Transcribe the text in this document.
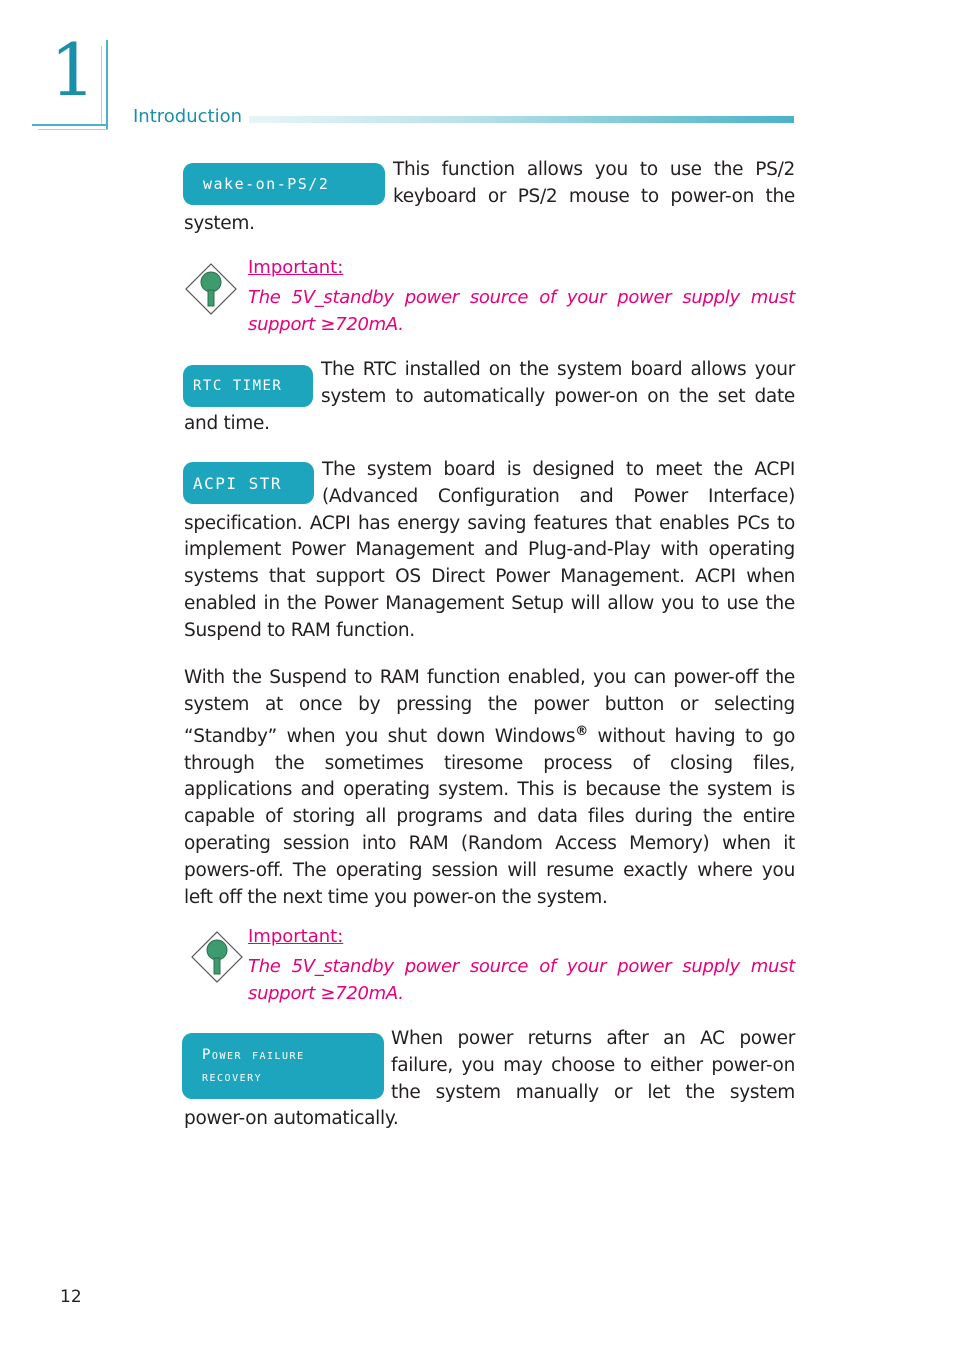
1
Introduction
wake-on-PS/2
This function allows you to use the PS/2 keyboard or PS/2 mouse to power-on the system.
Important:
The 5V_standby power source of your power supply must support ≥720mA.
RTC TIMER
The RTC installed on the system board allows your system to automatically power-on on the set date and time.
ACPI STR
The system board is designed to meet the ACPI (Advanced Configuration and Power Interface) specification. ACPI has energy saving features that enables PCs to implement Power Management and Plug-and-Play with operating systems that support OS Direct Power Management. ACPI when enabled in the Power Management Setup will allow you to use the Suspend to RAM function.
With the Suspend to RAM function enabled, you can power-off the system at once by pressing the power button or selecting “Standby” when you shut down Windows® without having to go through the sometimes tiresome process of closing files, applications and operating system. This is because the system is capable of storing all programs and data files during the entire operating session into RAM (Random Access Memory) when it powers-off. The operating session will resume exactly where you left off the next time you power-on the system.
Important:
The 5V_standby power source of your power supply must support ≥720mA.
Power failure
recovery
When power returns after an AC power failure, you may choose to either power-on the system manually or let the system power-on automatically.
12
